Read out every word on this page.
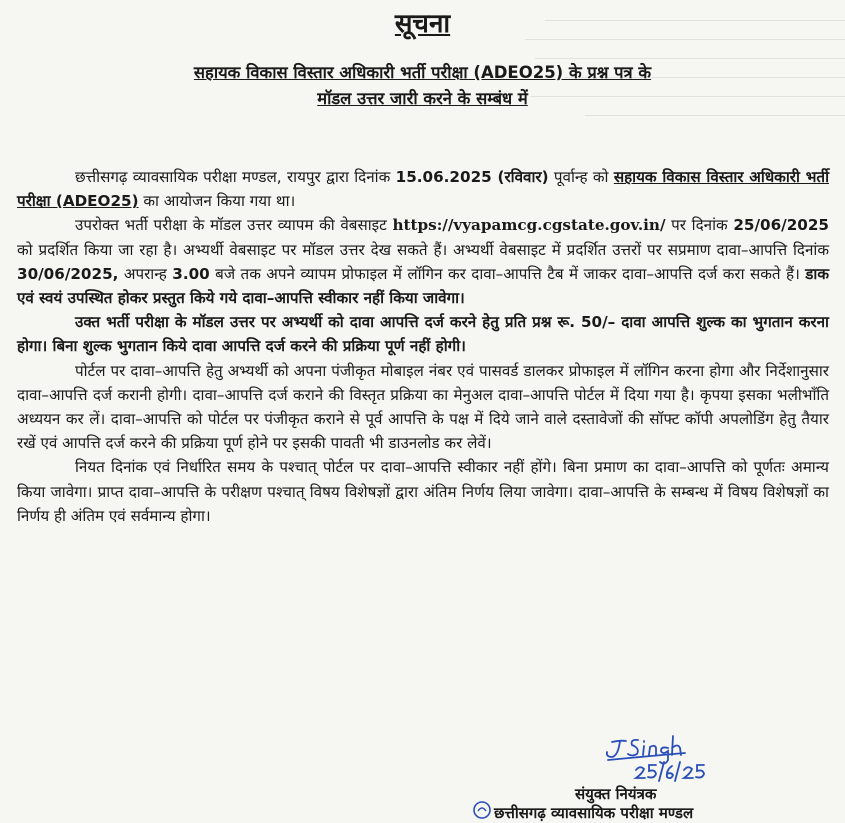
सूचना
सहायक विकास विस्तार अधिकारी भर्ती परीक्षा (ADEO25) के प्रश्न पत्र के
मॉडल उत्तर जारी करने के सम्बंध में

छत्तीसगढ़ व्यावसायिक परीक्षा मण्डल, रायपुर द्वारा दिनांक 15.06.2025 (रविवार) पूर्वान्ह को सहायक विकास विस्तार अधिकारी भर्ती परीक्षा (ADEO25) का आयोजन किया गया था।

उपरोक्त भर्ती परीक्षा के मॉडल उत्तर व्यापम की वेबसाइट https://vyapamcg.cgstate.gov.in/ पर दिनांक 25/06/2025 को प्रदर्शित किया जा रहा है। अभ्यर्थी वेबसाइट पर मॉडल उत्तर देख सकते हैं। अभ्यर्थी वेबसाइट में प्रदर्शित उत्तरों पर सप्रमाण दावा–आपत्ति दिनांक 30/06/2025, अपरान्ह 3.00 बजे तक अपने व्यापम प्रोफाइल में लॉगिन कर दावा–आपत्ति टैब में जाकर दावा–आपत्ति दर्ज करा सकते हैं। डाक एवं स्वयं उपस्थित होकर प्रस्तुत किये गये दावा–आपत्ति स्वीकार नहीं किया जावेगा।

उक्त भर्ती परीक्षा के मॉडल उत्तर पर अभ्यर्थी को दावा आपत्ति दर्ज करने हेतु प्रति प्रश्न रू. 50/– दावा आपत्ति शुल्क का भुगतान करना होगा। बिना शुल्क भुगतान किये दावा आपत्ति दर्ज करने की प्रक्रिया पूर्ण नहीं होगी।

पोर्टल पर दावा–आपत्ति हेतु अभ्यर्थी को अपना पंजीकृत मोबाइल नंबर एवं पासवर्ड डालकर प्रोफाइल में लॉगिन करना होगा और निर्देशानुसार दावा–आपत्ति दर्ज करानी होगी। दावा–आपत्ति दर्ज कराने की विस्तृत प्रक्रिया का मेनुअल दावा–आपत्ति पोर्टल में दिया गया है। कृपया इसका भलीभाँति अध्ययन कर लें। दावा–आपत्ति को पोर्टल पर पंजीकृत कराने से पूर्व आपत्ति के पक्ष में दिये जाने वाले दस्तावेजों की सॉफ्ट कॉपी अपलोडिंग हेतु तैयार रखें एवं आपत्ति दर्ज करने की प्रक्रिया पूर्ण होने पर इसकी पावती भी डाउनलोड कर लेवें।

नियत दिनांक एवं निर्धारित समय के पश्चात् पोर्टल पर दावा–आपत्ति स्वीकार नहीं होंगे। बिना प्रमाण का दावा–आपत्ति को पूर्णतः अमान्य किया जावेगा। प्राप्त दावा–आपत्ति के परीक्षण पश्चात् विषय विशेषज्ञों द्वारा अंतिम निर्णय लिया जावेगा। दावा–आपत्ति के सम्बन्ध में विषय विशेषज्ञों का निर्णय ही अंतिम एवं सर्वमान्य होगा।

संयुक्त नियंत्रक
छत्तीसगढ़ व्यावसायिक परीक्षा मण्डल
